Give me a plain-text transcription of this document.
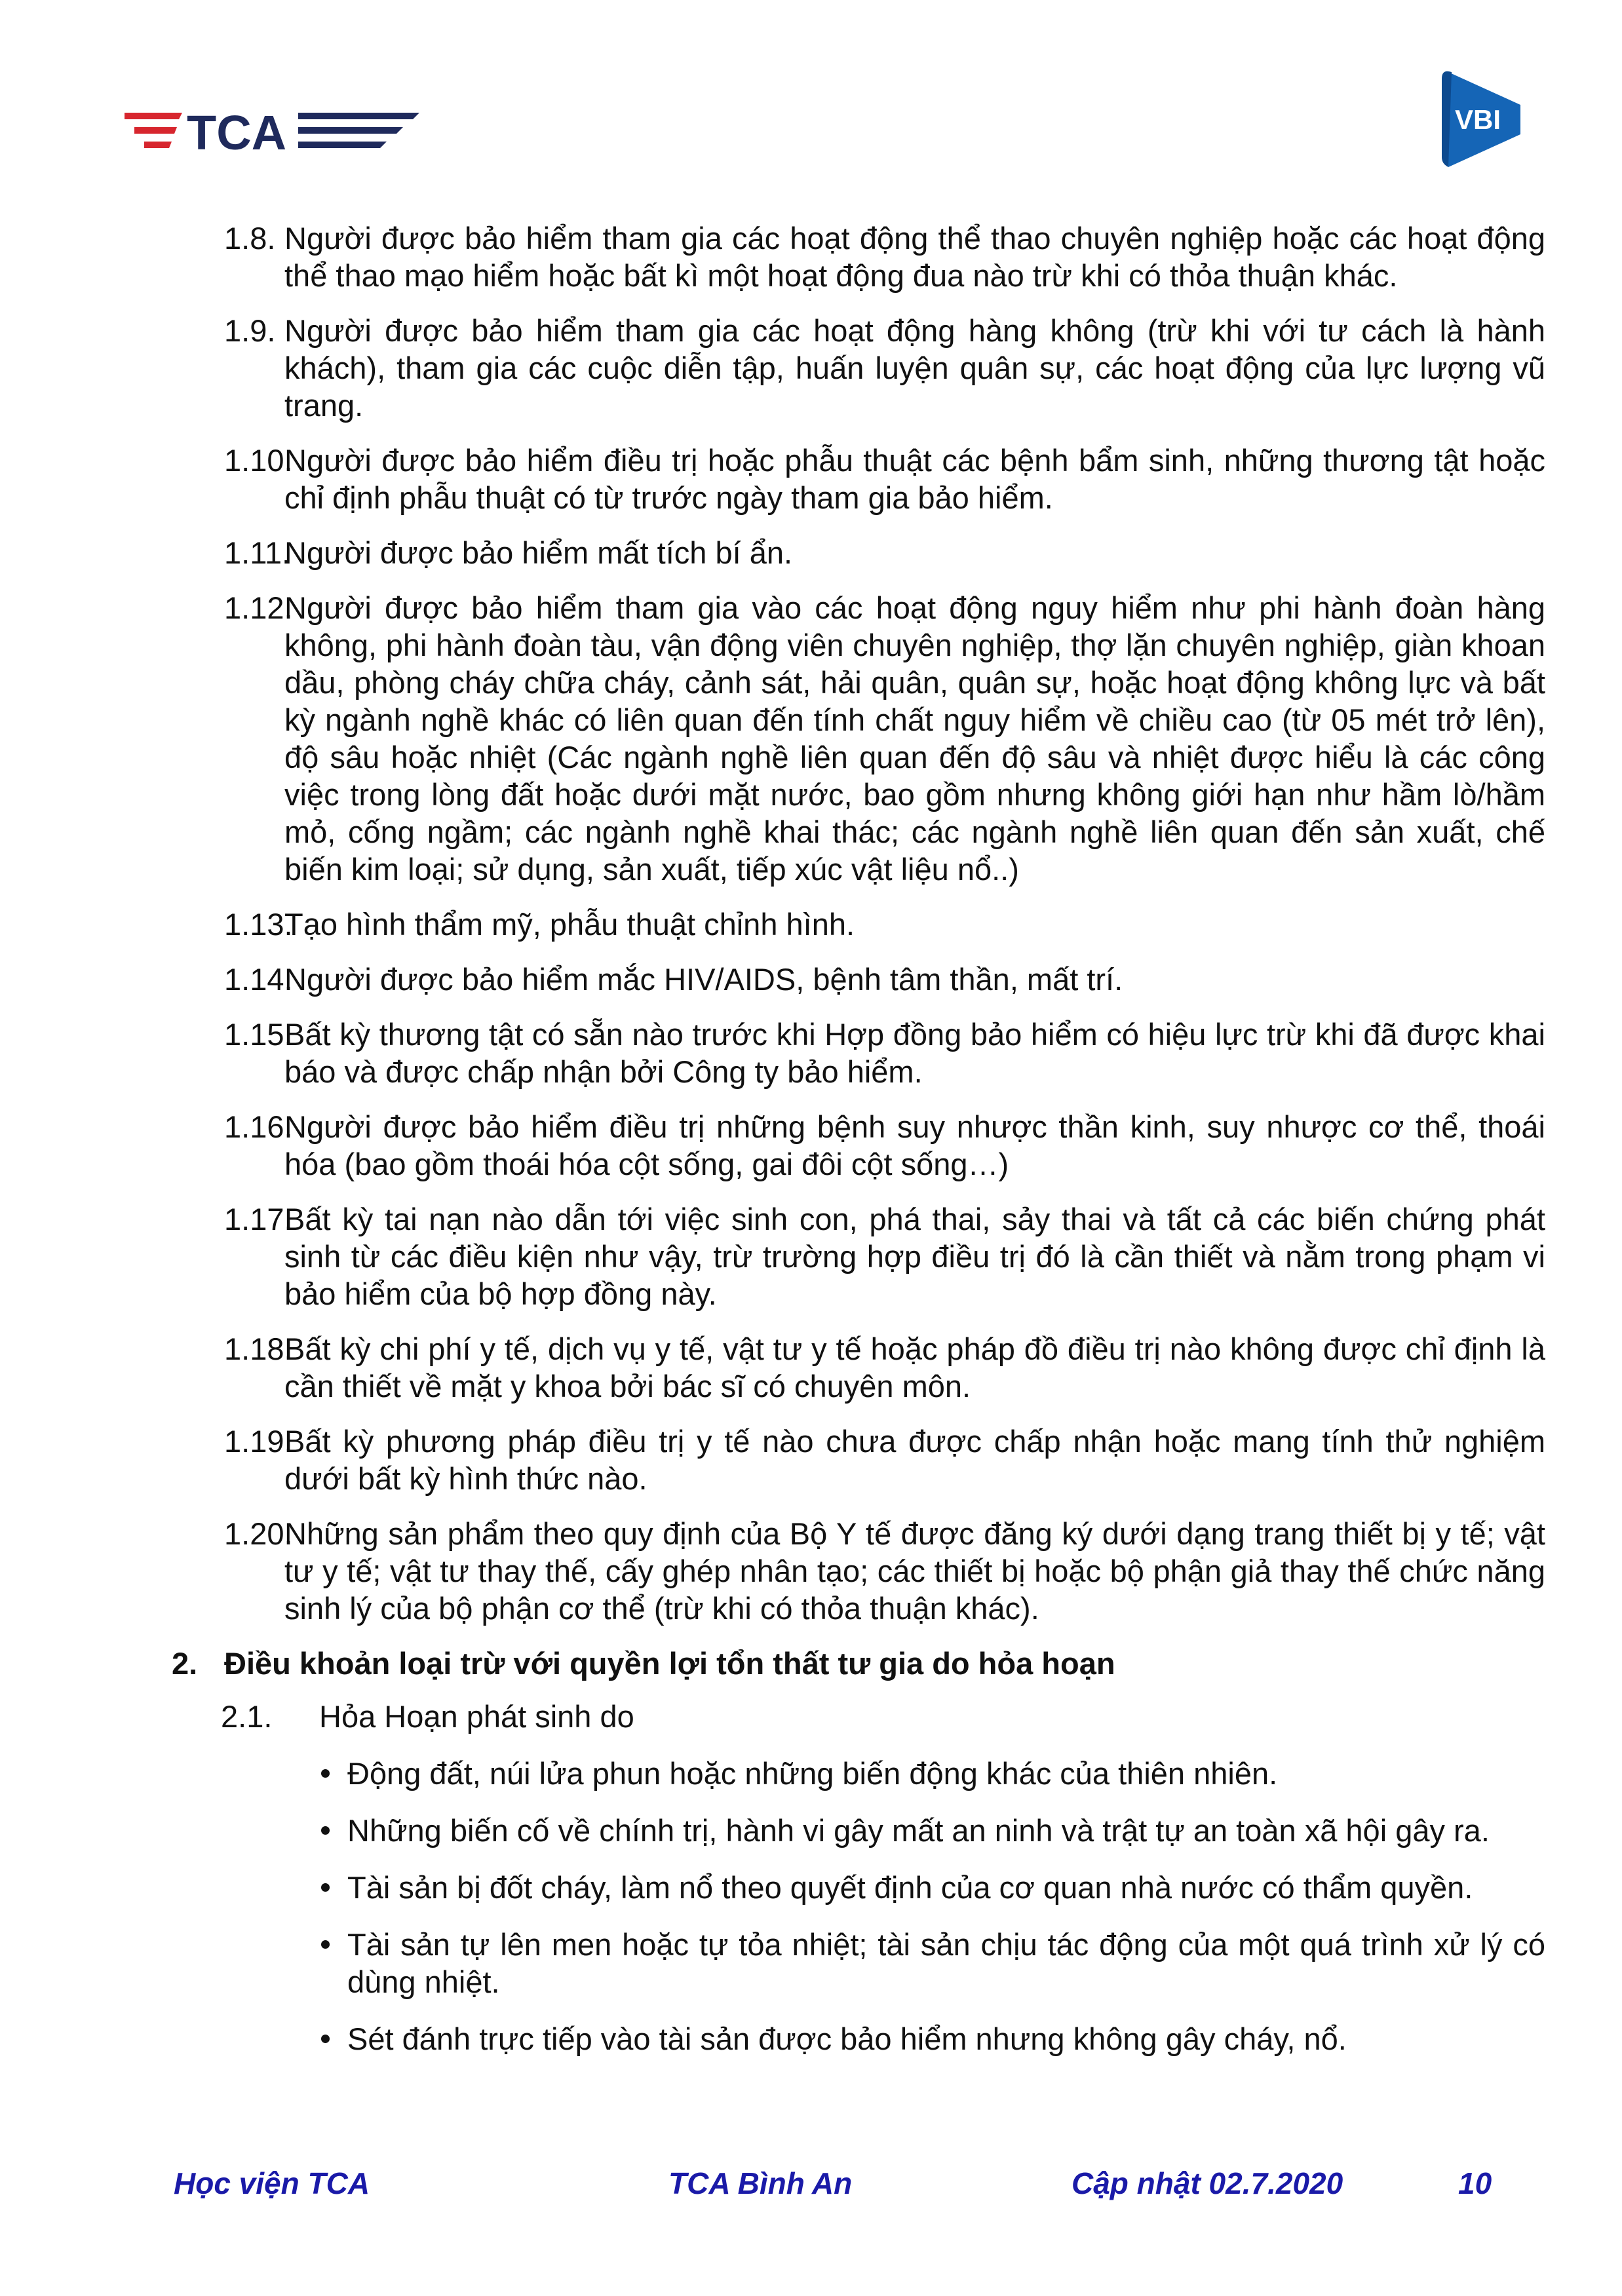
TCA	VBI
1.8. Người được bảo hiểm tham gia các hoạt động thể thao chuyên nghiệp hoặc các hoạt động thể thao mạo hiểm hoặc bất kì một hoạt động đua nào trừ khi có thỏa thuận khác.
1.9. Người được bảo hiểm tham gia các hoạt động hàng không (trừ khi với tư cách là hành khách), tham gia các cuộc diễn tập, huấn luyện quân sự, các hoạt động của lực lượng vũ trang.
1.10.
Người được bảo hiểm điều trị hoặc phẫu thuật các bệnh bẩm sinh, những thương tật hoặc chỉ định phẫu thuật có từ trước ngày tham gia bảo hiểm.
1.11.
Người được bảo hiểm mất tích bí ẩn.
1.12.
Người được bảo hiểm tham gia vào các hoạt động nguy hiểm như phi hành đoàn hàng không, phi hành đoàn tàu, vận động viên chuyên nghiệp, thợ lặn chuyên nghiệp, giàn khoan dầu, phòng cháy chữa cháy, cảnh sát, hải quân, quân sự, hoặc hoạt động không lực và bất kỳ ngành nghề khác có liên quan đến tính chất nguy hiểm về chiều cao (từ 05 mét trở lên), độ sâu hoặc nhiệt (Các ngành nghề liên quan đến độ sâu và nhiệt được hiểu là các công việc trong lòng đất hoặc dưới mặt nước, bao gồm nhưng không giới hạn như hầm lò/hầm mỏ, cống ngầm; các ngành nghề khai thác; các ngành nghề liên quan đến sản xuất, chế biến kim loại; sử dụng, sản xuất, tiếp xúc vật liệu nổ..)
1.13.
Tạo hình thẩm mỹ, phẫu thuật chỉnh hình.
1.14.
Người được bảo hiểm mắc HIV/AIDS, bệnh tâm thần, mất trí.
1.15.
Bất kỳ thương tật có sẵn nào trước khi Hợp đồng bảo hiểm có hiệu lực trừ khi đã được khai báo và được chấp nhận bởi Công ty bảo hiểm.
1.16.
Người được bảo hiểm điều trị những bệnh suy nhược thần kinh, suy nhược cơ thể, thoái hóa (bao gồm thoái hóa cột sống, gai đôi cột sống…)
1.17.
Bất kỳ tai nạn nào dẫn tới việc sinh con, phá thai, sảy thai và tất cả các biến chứng phát sinh từ các điều kiện như vậy, trừ trường hợp điều trị đó là cần thiết và nằm trong phạm vi bảo hiểm của bộ hợp đồng này.
1.18.
Bất kỳ chi phí y tế, dịch vụ y tế, vật tư y tế hoặc pháp đồ điều trị nào không được chỉ định là cần thiết về mặt y khoa bởi bác sĩ có chuyên môn.
1.19.
Bất kỳ phương pháp điều trị y tế nào chưa được chấp nhận hoặc mang tính thử nghiệm dưới bất kỳ hình thức nào.
1.20.
Những sản phẩm theo quy định của Bộ Y tế được đăng ký dưới dạng trang thiết bị y tế; vật tư y tế; vật tư thay thế, cấy ghép nhân tạo; các thiết bị hoặc bộ phận giả thay thế chức năng sinh lý của bộ phận cơ thể (trừ khi có thỏa thuận khác).
2. Điều khoản loại trừ với quyền lợi tổn thất tư gia do hỏa hoạn
2.1.	Hỏa Hoạn phát sinh do
Động đất, núi lửa phun hoặc những biến động khác của thiên nhiên.
Những biến cố về chính trị, hành vi gây mất an ninh và trật tự an toàn xã hội gây ra.
Tài sản bị đốt cháy, làm nổ theo quyết định của cơ quan nhà nước có thẩm quyền.
Tài sản tự lên men hoặc tự tỏa nhiệt; tài sản chịu tác động của một quá trình xử lý có dùng nhiệt.
Sét đánh trực tiếp vào tài sản được bảo hiểm nhưng không gây cháy, nổ.
Học viện TCA	TCA Bình An	Cập nhật 02.7.2020	10
